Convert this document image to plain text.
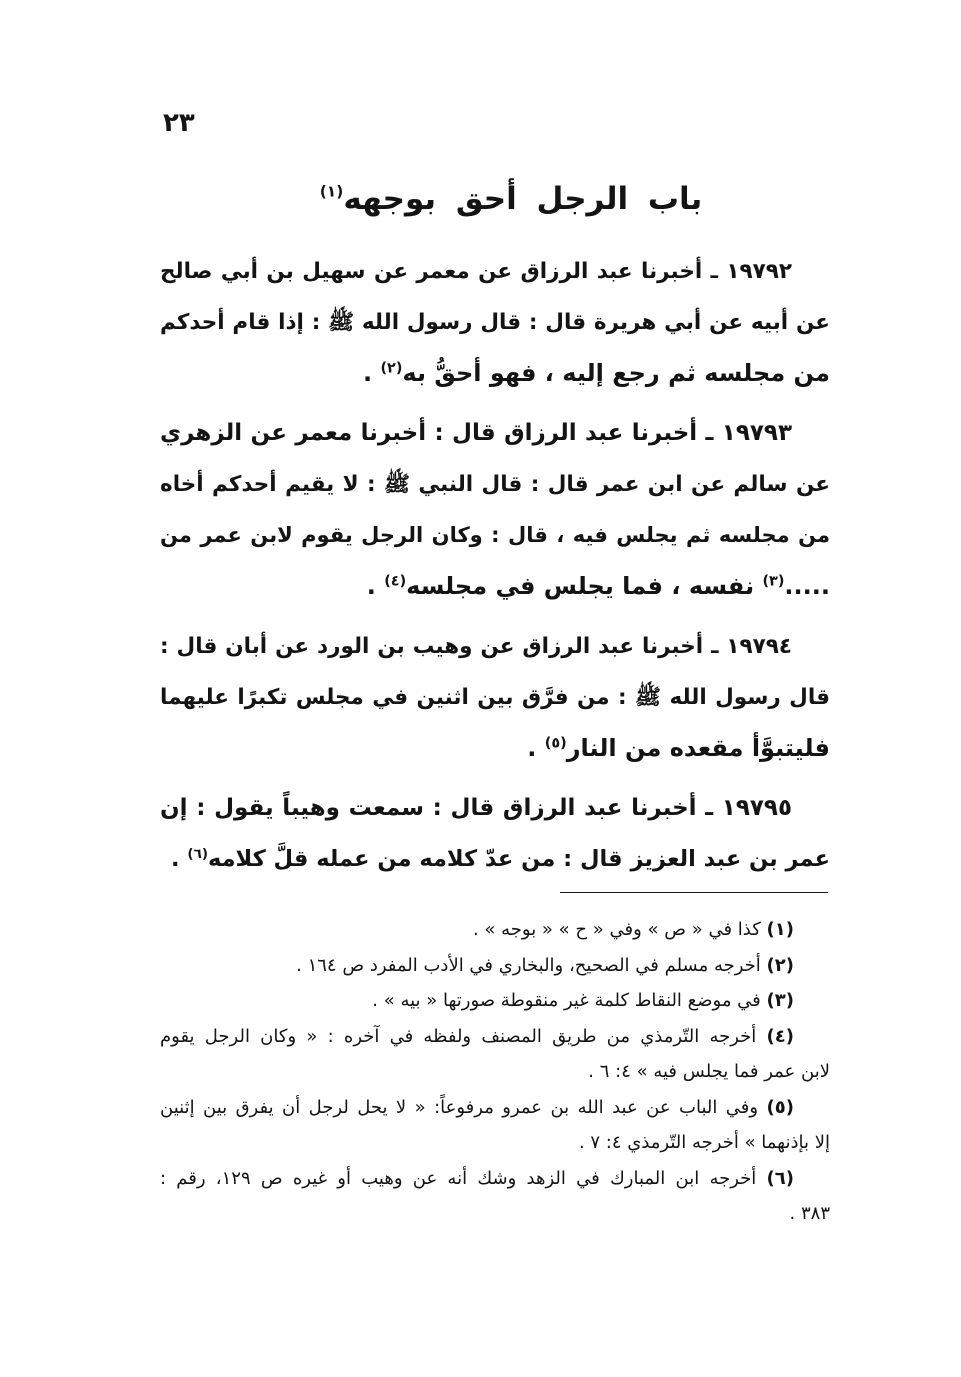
٢٣
باب الرجل أحق بوجهه$^{(١)}$
١٩٧٩٢ ـ أخبرنا عبد الرزاق عن معمر عن سهيل بن أبي صالح
عن أبيه عن أبي هريرة قال : قال رسول الله ﷺ : إذا قام أحدكم
من مجلسه ثم رجع إليه ، فهو أحقُّ به$^{(٢)}$ .
١٩٧٩٣ ـ أخبرنا عبد الرزاق قال : أخبرنا معمر عن الزهري
عن سالم عن ابن عمر قال : قال النبي ﷺ : لا يقيم أحدكم أخاه
من مجلسه ثم يجلس فيه ، قال : وكان الرجل يقوم لابن عمر من
.....$^{(٣)}$ نفسه ، فما يجلس في مجلسه$^{(٤)}$ .
١٩٧٩٤ ـ أخبرنا عبد الرزاق عن وهيب بن الورد عن أبان قال :
قال رسول الله ﷺ : من فرَّق بين اثنين في مجلس تكبرًا عليهما
فليتبوَّأ مقعده من النار$^{(٥)}$ .
١٩٧٩٥ ـ أخبرنا عبد الرزاق قال : سمعت وهيباً يقول : إن
عمر بن عبد العزيز قال : من عدّ كلامه من عمله قلَّ كلامه$^{(٦)}$ .
(١) كذا في « ص » وفي « ح » « بوجه » .
(٢) أخرجه مسلم في الصحيح، والبخاري في الأدب المفرد ص ١٦٤ .
(٣) في موضع النقاط كلمة غير منقوطة صورتها « بيه » .
(٤) أخرجه التّرمذي من طريق المصنف ولفظه في آخره : « وكان الرجل يقوم
لابن عمر فما يجلس فيه » ٤: ٦ .
(٥) وفي الباب عن عبد الله بن عمرو مرفوعاً: « لا يحل لرجل أن يفرق بين إثنين
إلا بإذنهما » أخرجه التّرمذي ٤: ٧ .
(٦) أخرجه ابن المبارك في الزهد وشك أنه عن وهيب أو غيره ص ١٢٩، رقم :
٣٨٣ .
